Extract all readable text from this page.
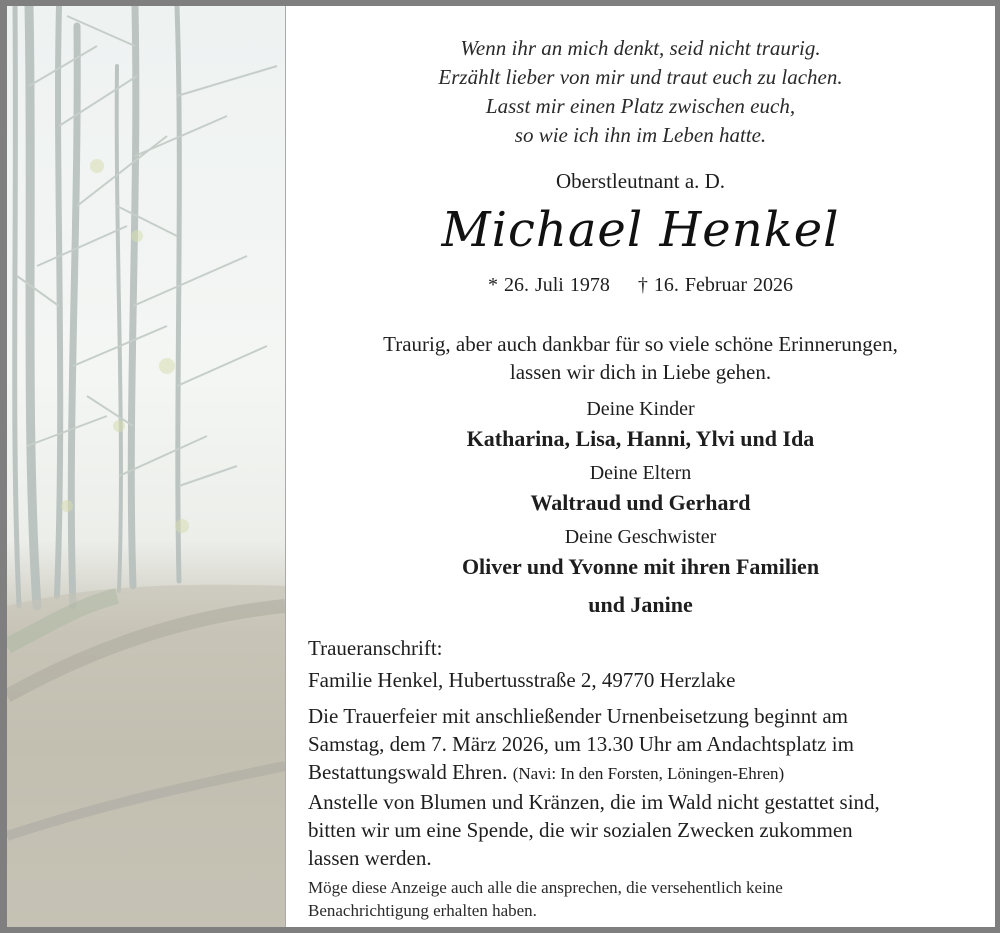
Wenn ihr an mich denkt, seid nicht traurig.
Erzählt lieber von mir und traut euch zu lachen.
Lasst mir einen Platz zwischen euch,
so wie ich ihn im Leben hatte.
Oberstleutnant a. D.
Michael Henkel
* 26. Juli 1978 † 16. Februar 2026
Traurig, aber auch dankbar für so viele schöne Erinnerungen,
lassen wir dich in Liebe gehen.
Deine Kinder
Katharina, Lisa, Hanni, Ylvi und Ida
Deine Eltern
Waltraud und Gerhard
Deine Geschwister
Oliver und Yvonne mit ihren Familien
und Janine
Traueranschrift:
Familie Henkel, Hubertusstraße 2, 49770 Herzlake
Die Trauerfeier mit anschließender Urnenbeisetzung beginnt am
Samstag, dem 7. März 2026, um 13.30 Uhr am Andachtsplatz im
Bestattungswald Ehren. (Navi: In den Forsten, Löningen-Ehren)
Anstelle von Blumen und Kränzen, die im Wald nicht gestattet sind,
bitten wir um eine Spende, die wir sozialen Zwecken zukommen
lassen werden.
Möge diese Anzeige auch alle die ansprechen, die versehentlich keine
Benachrichtigung erhalten haben.
